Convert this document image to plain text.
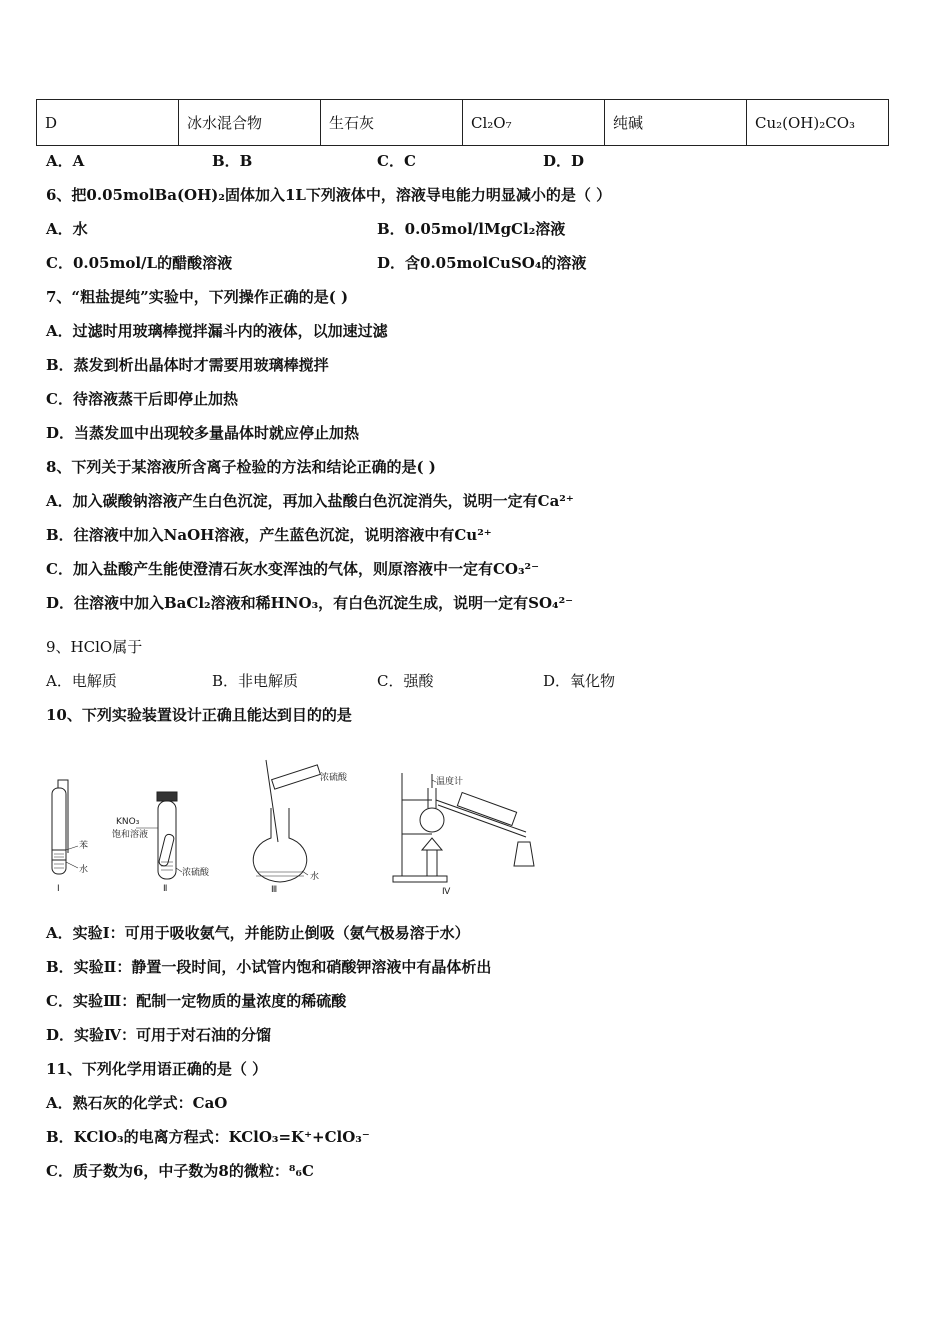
D	冰水混合物	生石灰	Cl₂O₇	纯碱	Cu₂(OH)₂CO₃
A．A	B．B	C．C	D．D
6、把0.05molBa(OH)₂固体加入1L下列液体中，溶液导电能力明显减小的是（ ）
A．水	B．0.05mol/lMgCl₂溶液
C．0.05mol/L的醋酸溶液	D．含0.05molCuSO₄的溶液
7、“粗盐提纯”实验中，下列操作正确的是( )
A．过滤时用玻璃棒搅拌漏斗内的液体，以加速过滤
B．蒸发到析出晶体时才需要用玻璃棒搅拌
C．待溶液蒸干后即停止加热
D．当蒸发皿中出现较多量晶体时就应停止加热
8、下列关于某溶液所含离子检验的方法和结论正确的是( )
A．加入碳酸钠溶液产生白色沉淀，再加入盐酸白色沉淀消失，说明一定有Ca²⁺
B．往溶液中加入NaOH溶液，产生蓝色沉淀，说明溶液中有Cu²⁺
C．加入盐酸产生能使澄清石灰水变浑浊的气体，则原溶液中一定有CO₃²⁻
D．往溶液中加入BaCl₂溶液和稀HNO₃，有白色沉淀生成，说明一定有SO₄²⁻
9、HClO属于
A．电解质	B．非电解质	C．强酸	D．氧化物
10、下列实验装置设计正确且能达到目的的是
苯
水
Ⅰ
KNO₃
饱和溶液
浓硫酸
Ⅱ
浓硫酸
水
Ⅲ
温度计
Ⅳ
A．实验Ⅰ：可用于吸收氨气，并能防止倒吸（氨气极易溶于水）
B．实验Ⅱ：静置一段时间，小试管内饱和硝酸钾溶液中有晶体析出
C．实验Ⅲ：配制一定物质的量浓度的稀硫酸
D．实验Ⅳ：可用于对石油的分馏
11、下列化学用语正确的是（ ）
A．熟石灰的化学式：CaO
B．KClO₃的电离方程式：KClO₃=K⁺+ClO₃⁻
C．质子数为6，中子数为8的微粒：⁸₆C
